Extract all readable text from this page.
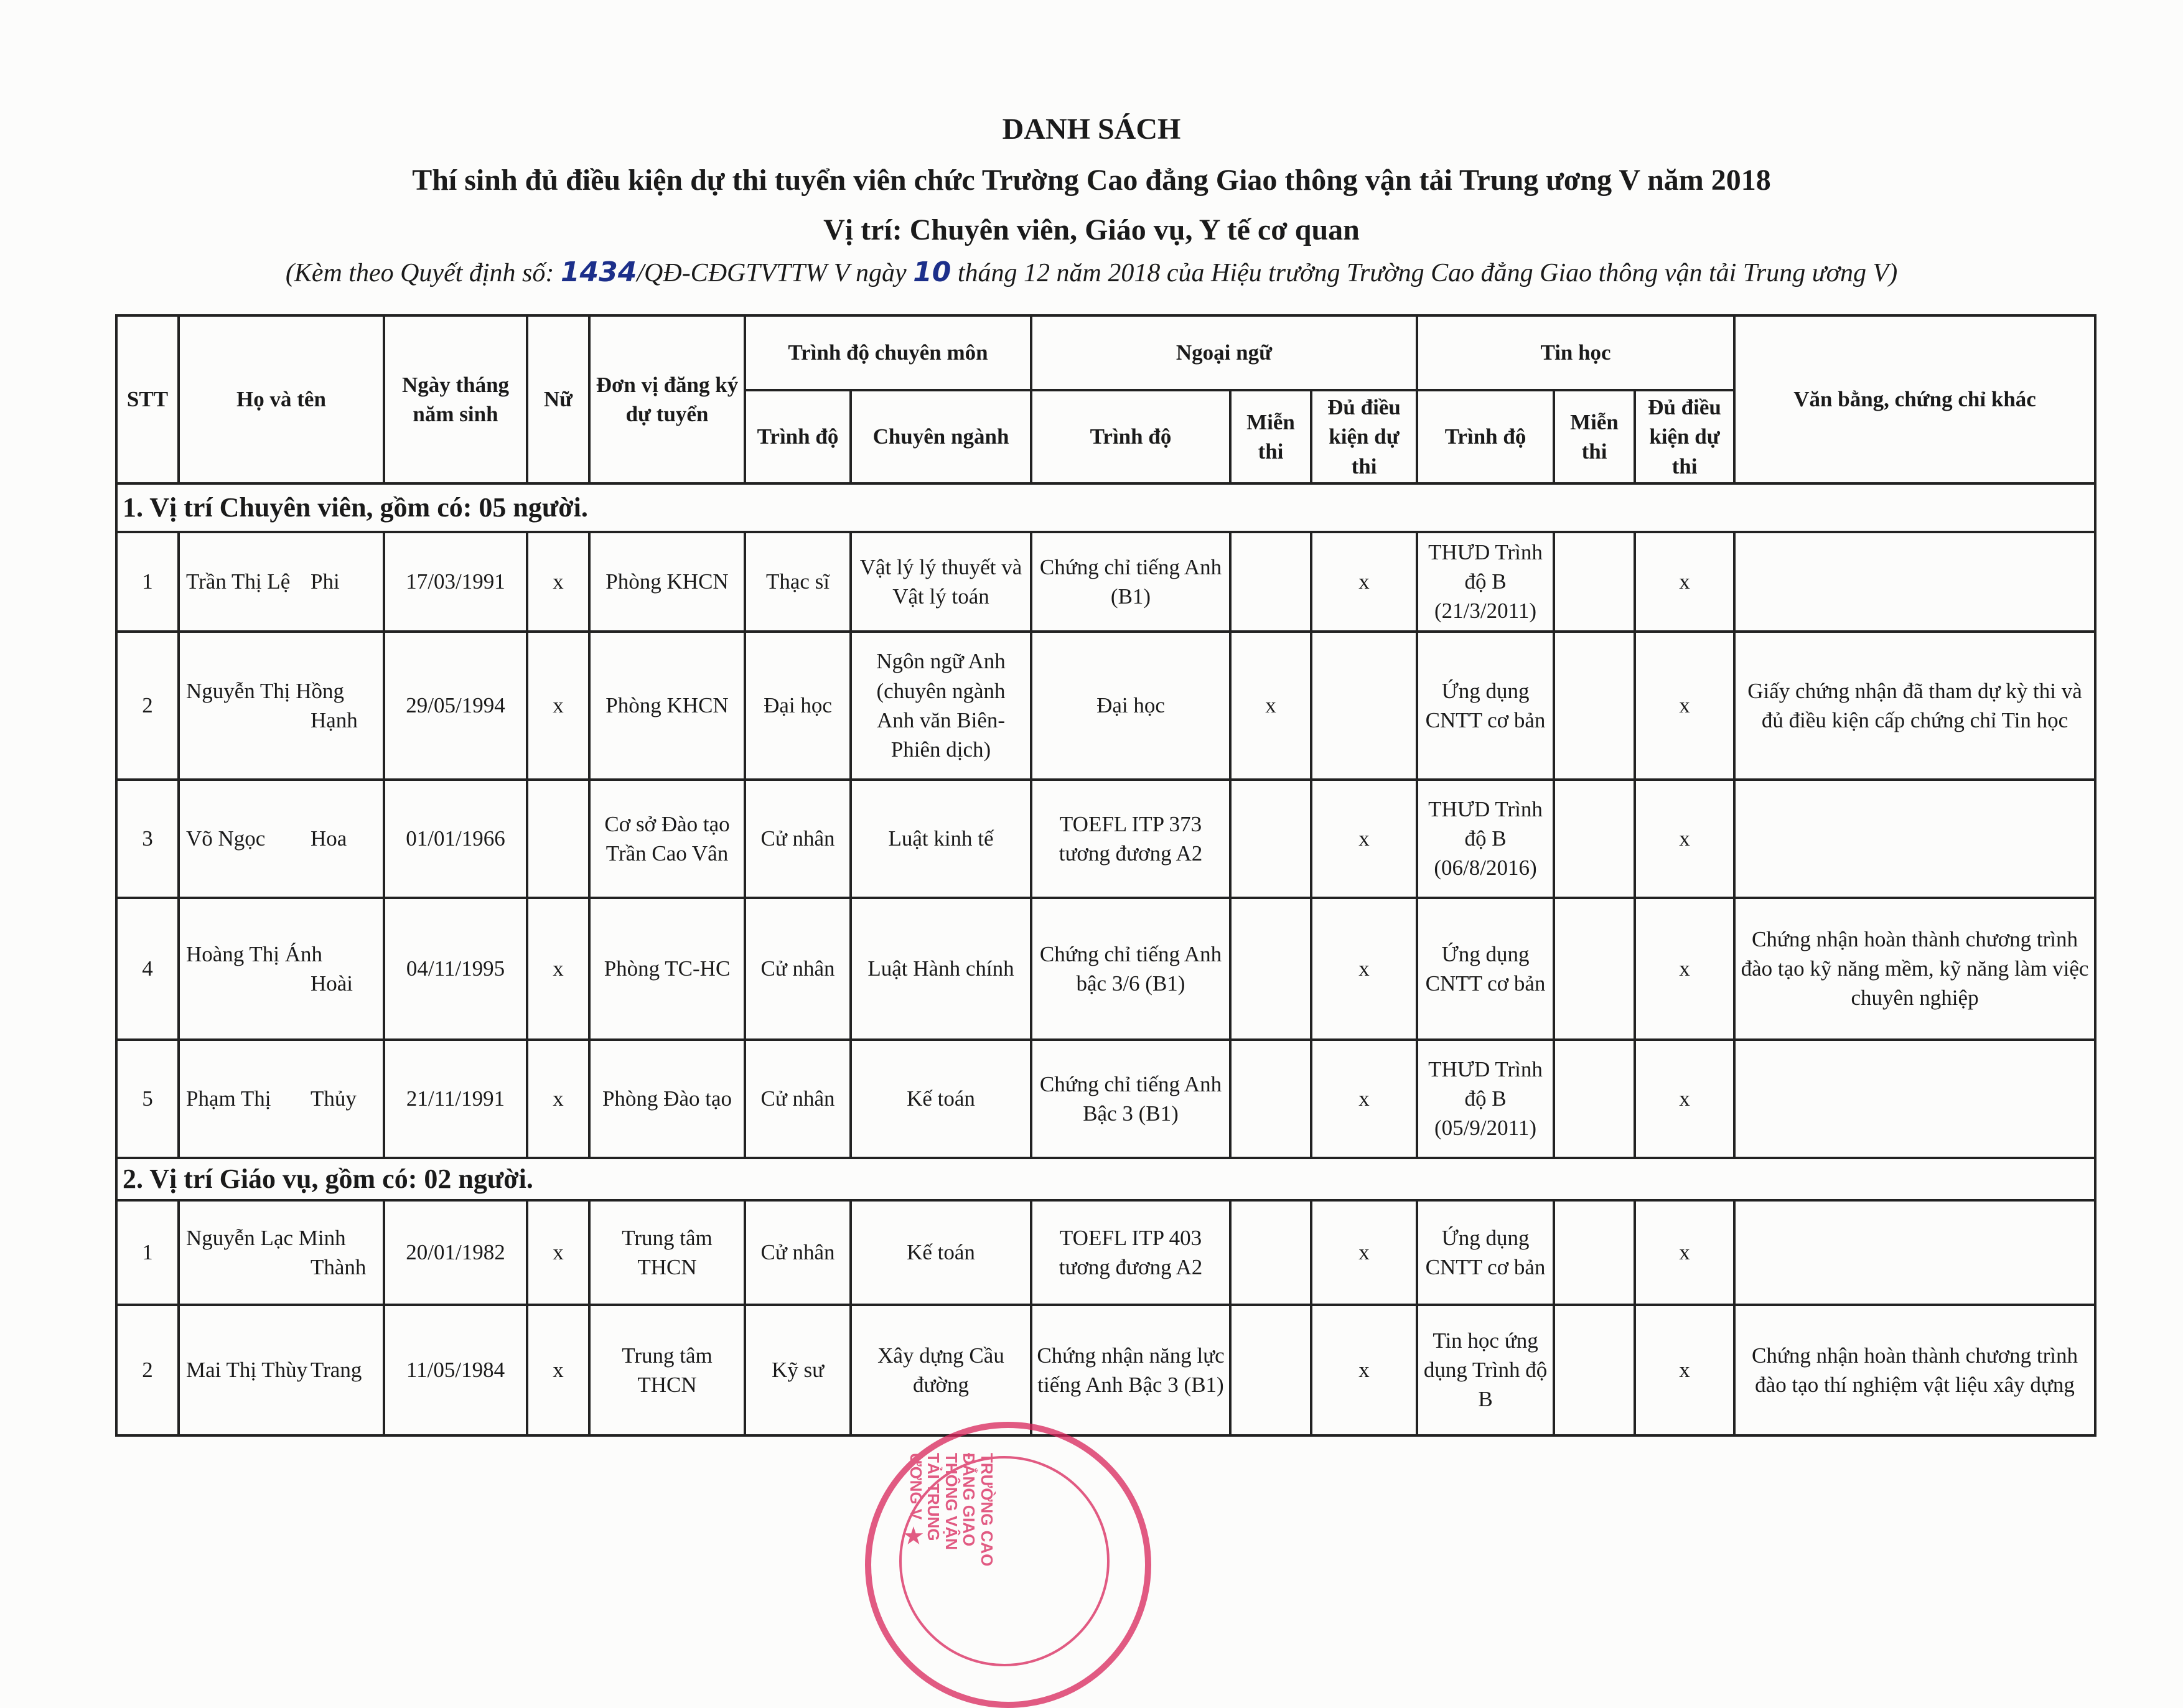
DANH SÁCH
Thí sinh đủ điều kiện dự thi tuyển viên chức Trường Cao đẳng Giao thông vận tải Trung ương V năm 2018
Vị trí: Chuyên viên, Giáo vụ, Y tế cơ quan
(Kèm theo Quyết định số: 1434/QĐ-CĐGTVTTW V ngày 10 tháng 12 năm 2018 của Hiệu trưởng Trường Cao đẳng Giao thông vận tải Trung ương V)
STT	Họ và tên	Ngày tháng năm sinh	Nữ	Đơn vị đăng ký dự tuyển	Trình độ chuyên môn		Ngoại ngữ			Tin học			Văn bằng, chứng chỉ khác
					Trình độ	Chuyên ngành	Trình độ	Miễn thi	Đủ điều kiện dự thi	Trình độ	Miễn thi	Đủ điều kiện dự thi	
1. Vị trí Chuyên viên, gồm có: 05 người.													
1	Trần Thị Lệ Phi	17/03/1991	x	Phòng KHCN	Thạc sĩ	Vật lý lý thuyết và Vật lý toán	Chứng chỉ tiếng Anh (B1)		x	THƯD Trình độ B (21/3/2011)		x	
2	Nguyễn Thị Hồng
Hạnh	29/05/1994	x	Phòng KHCN	Đại học	Ngôn ngữ Anh (chuyên ngành Anh văn Biên-Phiên dịch)	Đại học	x		Ứng dụng CNTT cơ bản		x	Giấy chứng nhận đã tham dự kỳ thi và đủ điều kiện cấp chứng chỉ Tin học
3	Võ Ngọc Hoa	01/01/1966		Cơ sở Đào tạo Trần Cao Vân	Cử nhân	Luật kinh tế	TOEFL ITP 373 tương đương A2		x	THƯD Trình độ B (06/8/2016)		x	
4	Hoàng Thị Ánh
Hoài	04/11/1995	x	Phòng TC-HC	Cử nhân	Luật Hành chính	Chứng chỉ tiếng Anh bậc 3/6 (B1)		x	Ứng dụng CNTT cơ bản		x	Chứng nhận hoàn thành chương trình đào tạo kỹ năng mềm, kỹ năng làm việc chuyên nghiệp
5	Phạm Thị Thủy	21/11/1991	x	Phòng Đào tạo	Cử nhân	Kế toán	Chứng chỉ tiếng Anh Bậc 3 (B1)		x	THƯD Trình độ B (05/9/2011)		x	
2. Vị trí Giáo vụ, gồm có: 02 người.													
1	Nguyễn Lạc Minh
Thành	20/01/1982	x	Trung tâm THCN	Cử nhân	Kế toán	TOEFL ITP 403 tương đương A2		x	Ứng dụng CNTT cơ bản		x	
2	Mai Thị Thùy Trang	11/05/1984	x	Trung tâm THCN	Kỹ sư	Xây dựng Cầu đường	Chứng nhận năng lực tiếng Anh Bậc 3 (B1)		x	Tin học ứng dụng Trình độ B		x	Chứng nhận hoàn thành chương trình đào tạo thí nghiệm vật liệu xây dựng
★	TRƯỜNG CAO ĐẲNG GIAO THÔNG VẬN TẢI TRUNG ƯƠNG V
